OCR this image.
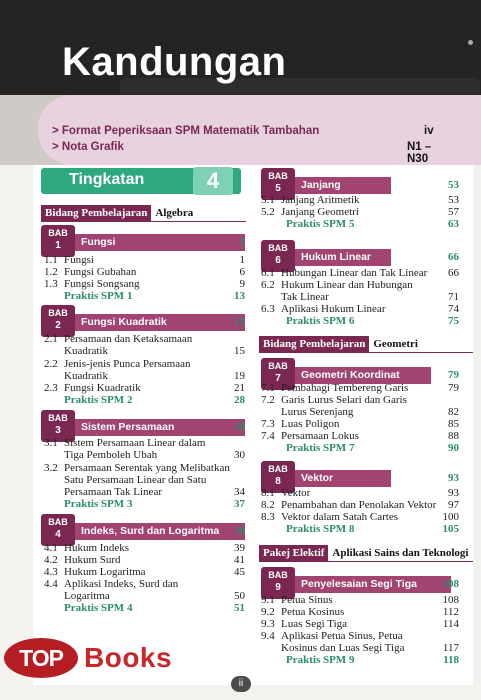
Kandungan
> Format Peperiksaan SPM Matematik Tambahan	iv
> Nota Grafik	N1 – N30
Tingkatan	4
Bidang Pembelajaran Algebra
Bidang Pembelajaran Geometri
Pakej Elektif Aplikasi Sains dan Teknologi
BAB
1	Fungsi	1
1.1 Fungsi	1
1.2 Fungsi Gubahan	6
1.3 Fungsi Songsang	9
Praktis SPM 1	13
BAB
2	Fungsi Kuadratik	15
2.1 Persamaan dan Ketaksamaan
Kuadratik	15
2.2 Jenis-jenis Punca Persamaan
Kuadratik	19
2.3 Fungsi Kuadratik	21
Praktis SPM 2	28
BAB
3	Sistem Persamaan	30
3.1 Sistem Persamaan Linear dalam
Tiga Pemboleh Ubah	30
3.2 Persamaan Serentak yang Melibatkan
Satu Persamaan Linear dan Satu
Persamaan Tak Linear	34
Praktis SPM 3	37
BAB
4	Indeks, Surd dan Logaritma 39
4.1 Hukum Indeks	39
4.2 Hukum Surd	41
4.3 Hukum Logaritma	45
4.4 Aplikasi Indeks, Surd dan
Logaritma	50
Praktis SPM 4	51
BAB
5	Janjang	53
5.1 Janjang Aritmetik	53
5.2 Janjang Geometri	57
Praktis SPM 5	63
BAB
6	Hukum Linear	66
6.1 Hubungan Linear dan Tak Linear 66
6.2 Hukum Linear dan Hubungan
Tak Linear	71
6.3 Aplikasi Hukum Linear	74
Praktis SPM 6	75
BAB
7	Geometri Koordinat	79
7.1 Pembahagi Tembereng Garis	79
7.2 Garis Lurus Selari dan Garis
Lurus Serenjang	82
7.3 Luas Poligon	85
7.4 Persamaan Lokus	88
Praktis SPM 7	90
BAB
8	Vektor	93
8.1 Vektor	93
8.2 Penambahan dan Penolakan Vektor 97
8.3 Vektor dalam Satah Cartes	100
Praktis SPM 8	105
BAB
9	Penyelesaian Segi Tiga 108
9.1 Petua Sinus	108
9.2 Petua Kosinus	112
9.3 Luas Segi Tiga	114
9.4 Aplikasi Petua Sinus, Petua
Kosinus dan Luas Segi Tiga	117
Praktis SPM 9	118
TOP Books
ii
